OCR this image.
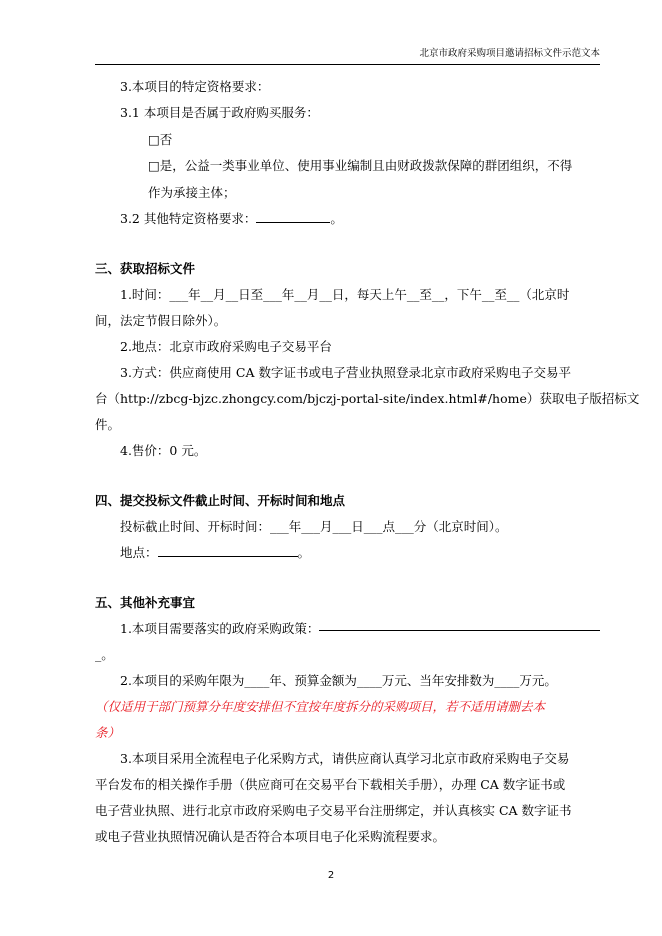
北京市政府采购项目邀请招标文件示范文本
3.本项目的特定资格要求：
3.1 本项目是否属于政府购买服务：
□否
□是，公益一类事业单位、使用事业编制且由财政拨款保障的群团组织，不得
作为承接主体；
3.2 其他特定资格要求：	。
三、获取招标文件
1.时间：___年__月__日至___年__月__日，每天上午__至__，下午__至__（北京时
间，法定节假日除外）。
2.地点：北京市政府采购电子交易平台
3.方式：供应商使用 CA 数字证书或电子营业执照登录北京市政府采购电子交易平
台（http://zbcg-bjzc.zhongcy.com/bjczj-portal-site/index.html#/home）获取电子版招标文
件。
4.售价：0 元。
四、提交投标文件截止时间、开标时间和地点
投标截止时间、开标时间：___年___月___日___点___分（北京时间）。
地点：	。
五、其他补充事宜
1.本项目需要落实的政府采购政策：
_。
2.本项目的采购年限为____年、预算金额为____万元、当年安排数为____万元。
（仅适用于部门预算分年度安排但不宜按年度拆分的采购项目，若不适用请删去本
条）
3.本项目采用全流程电子化采购方式，请供应商认真学习北京市政府采购电子交易
平台发布的相关操作手册（供应商可在交易平台下载相关手册），办理 CA 数字证书或
电子营业执照、进行北京市政府采购电子交易平台注册绑定，并认真核实 CA 数字证书
或电子营业执照情况确认是否符合本项目电子化采购流程要求。
2
